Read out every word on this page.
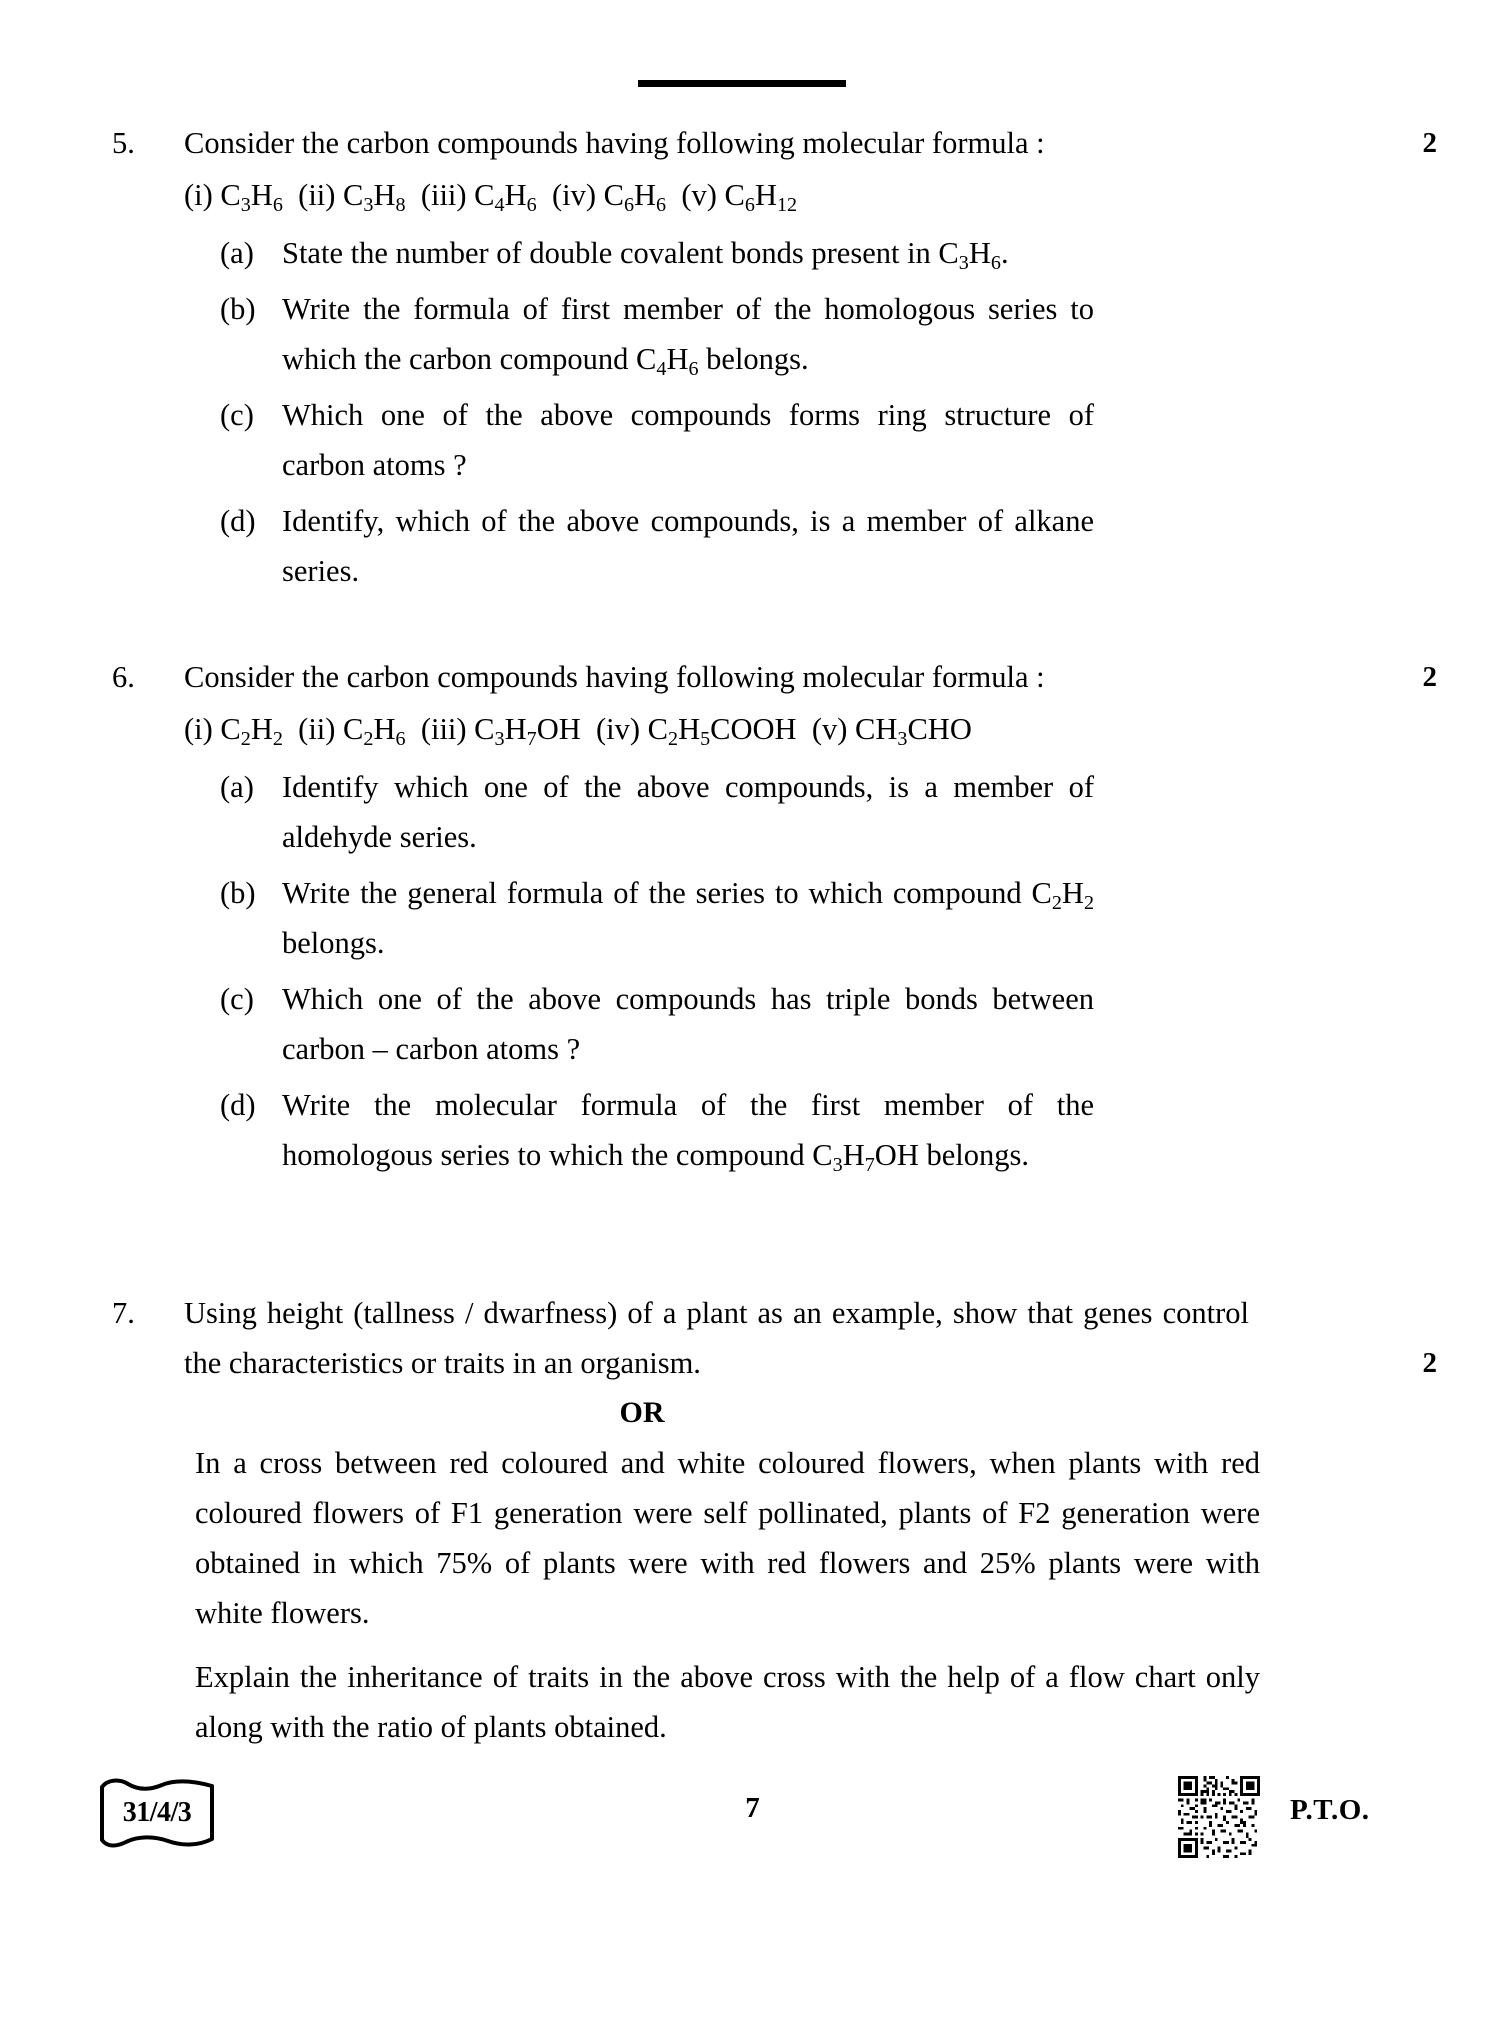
2
5.	Consider the carbon compounds having following molecular formula :

(i) $C_3H_6$  (ii) $C_3H_8$  (iii) $C_4H_6$  (iv) $C_6H_6$  (v) $C_6H_{12}$

(a) State the number of double covalent bonds present in $C_3H_6$.

(b) Write the formula of first member of the homologous series to which the carbon compound $C_4H_6$ belongs.

(c) Which one of the above compounds forms ring structure of carbon atoms ?

(d) Identify, which of the above compounds, is a member of alkane series.

2
6.	Consider the carbon compounds having following molecular formula :

(i) $C_2H_2$  (ii) $C_2H_6$  (iii) $C_3H_7OH$  (iv) $C_2H_5COOH$  (v) $CH_3CHO$

(a) Identify which one of the above compounds, is a member of aldehyde series.

(b) Write the general formula of the series to which compound $C_2H_2$ belongs.

(c) Which one of the above compounds has triple bonds between carbon – carbon atoms ?

(d) Write the molecular formula of the first member of the homologous series to which the compound $C_3H_7OH$ belongs.

2
7.	Using height (tallness / dwarfness) of a plant as an example, show that genes control the characteristics or traits in an organism.

OR

In a cross between red coloured and white coloured flowers, when plants with red coloured flowers of F1 generation were self pollinated, plants of F2 generation were obtained in which 75% of plants were with red flowers and 25% plants were with white flowers.

Explain the inheritance of traits in the above cross with the help of a flow chart only along with the ratio of plants obtained.

31/4/3	7	P.T.O.
